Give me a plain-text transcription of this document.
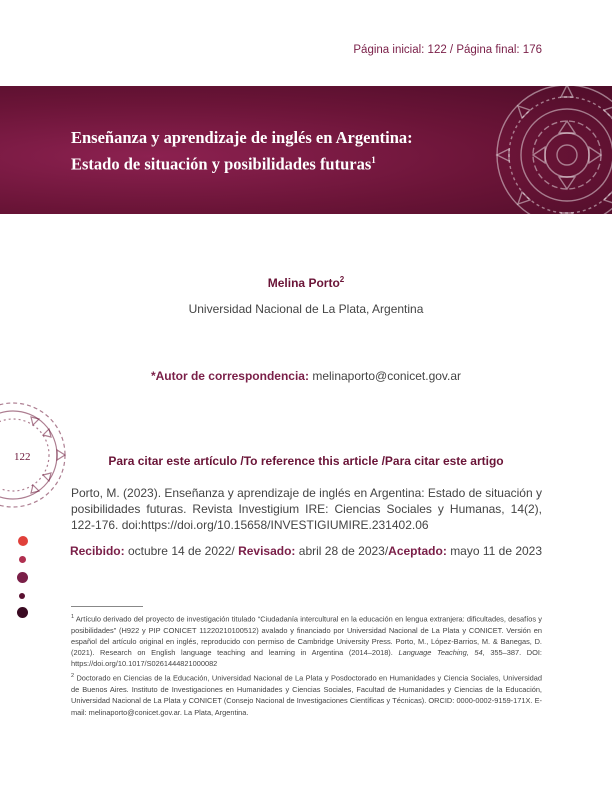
Página inicial: 122 / Página final: 176
Enseñanza y aprendizaje de inglés en Argentina: Estado de situación y posibilidades futuras$^1$
Melina Porto$^2$
Universidad Nacional de La Plata, Argentina
*Autor de correspondencia: melinaporto@conicet.gov.ar
122	Para citar este artículo /To reference this article /Para citar este artigo
Porto, M. (2023). Enseñanza y aprendizaje de inglés en Argentina: Estado de situación y posibilidades futuras. Revista Investigium IRE: Ciencias Sociales y Humanas, 14(2), 122-176. doi:https://doi.org/10.15658/INVESTIGIUMIRE.231402.06
Recibido: octubre 14 de 2022/ Revisado: abril 28 de 2023/Aceptado: mayo 11 de 2023

$^1$ Artículo derivado del proyecto de investigación titulado “Ciudadanía intercultural en la educación en lengua extranjera: dificultades, desafíos y posibilidades” (H922 y PIP CONICET 11220210100512) avalado y financiado por Universidad Nacional de La Plata y CONICET. Versión en español del artículo original en inglés, reproducido con permiso de Cambridge University Press. Porto, M., López-Barrios, M. & Banegas, D. (2021). Research on English language teaching and learning in Argentina (2014–2018). Language Teaching, 54, 355–387. DOI: https://doi.org/10.1017/S0261444821000082

$^2$ Doctorado en Ciencias de la Educación, Universidad Nacional de La Plata y Posdoctorado en Humanidades y Ciencia Sociales, Universidad de Buenos Aires. Instituto de Investigaciones en Humanidades y Ciencias Sociales, Facultad de Humanidades y Ciencias de la Educación, Universidad Nacional de La Plata y CONICET (Consejo Nacional de Investigaciones Científicas y Técnicas). ORCID: 0000-0002-9159-171X. E-mail: melinaporto@conicet.gov.ar. La Plata, Argentina.
